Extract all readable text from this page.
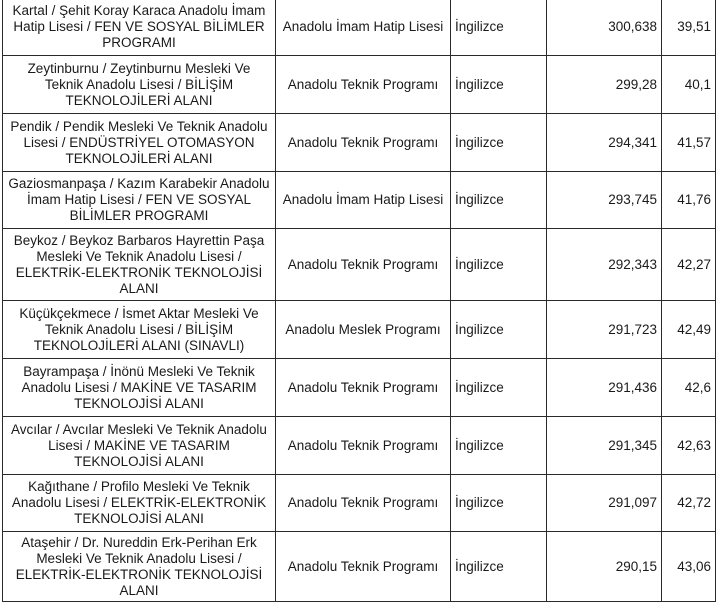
Kartal / Şehit Koray Karaca Anadolu İmam Hatip Lisesi / FEN VE SOSYAL BİLİMLER PROGRAMI	Anadolu İmam Hatip Lisesi	İngilizce	300,638	39,51
Zeytinburnu / Zeytinburnu Mesleki Ve Teknik Anadolu Lisesi / BİLİŞİM TEKNOLOJİLERİ ALANI	Anadolu Teknik Programı	İngilizce	299,28	40,1
Pendik / Pendik Mesleki Ve Teknik Anadolu Lisesi / ENDÜSTRİYEL OTOMASYON TEKNOLOJİLERİ ALANI	Anadolu Teknik Programı	İngilizce	294,341	41,57
Gaziosmanpaşa / Kazım Karabekir Anadolu İmam Hatip Lisesi / FEN VE SOSYAL BİLİMLER PROGRAMI	Anadolu İmam Hatip Lisesi	İngilizce	293,745	41,76
Beykoz / Beykoz Barbaros Hayrettin Paşa Mesleki Ve Teknik Anadolu Lisesi / ELEKTRİK-ELEKTRONİK TEKNOLOJİSİ ALANI	Anadolu Teknik Programı	İngilizce	292,343	42,27
Küçükçekmece / İsmet Aktar Mesleki Ve Teknik Anadolu Lisesi / BİLİŞİM TEKNOLOJİLERİ ALANI (SINAVLI)	Anadolu Meslek Programı	İngilizce	291,723	42,49
Bayrampaşa / İnönü Mesleki Ve Teknik Anadolu Lisesi / MAKİNE VE TASARIM TEKNOLOJİSİ ALANI	Anadolu Teknik Programı	İngilizce	291,436	42,6
Avcılar / Avcılar Mesleki Ve Teknik Anadolu Lisesi / MAKİNE VE TASARIM TEKNOLOJİSİ ALANI	Anadolu Teknik Programı	İngilizce	291,345	42,63
Kağıthane / Profilo Mesleki Ve Teknik Anadolu Lisesi / ELEKTRİK-ELEKTRONİK TEKNOLOJİSİ ALANI	Anadolu Teknik Programı	İngilizce	291,097	42,72
Ataşehir / Dr. Nureddin Erk-Perihan Erk Mesleki Ve Teknik Anadolu Lisesi / ELEKTRİK-ELEKTRONİK TEKNOLOJİSİ ALANI	Anadolu Teknik Programı	İngilizce	290,15	43,06
